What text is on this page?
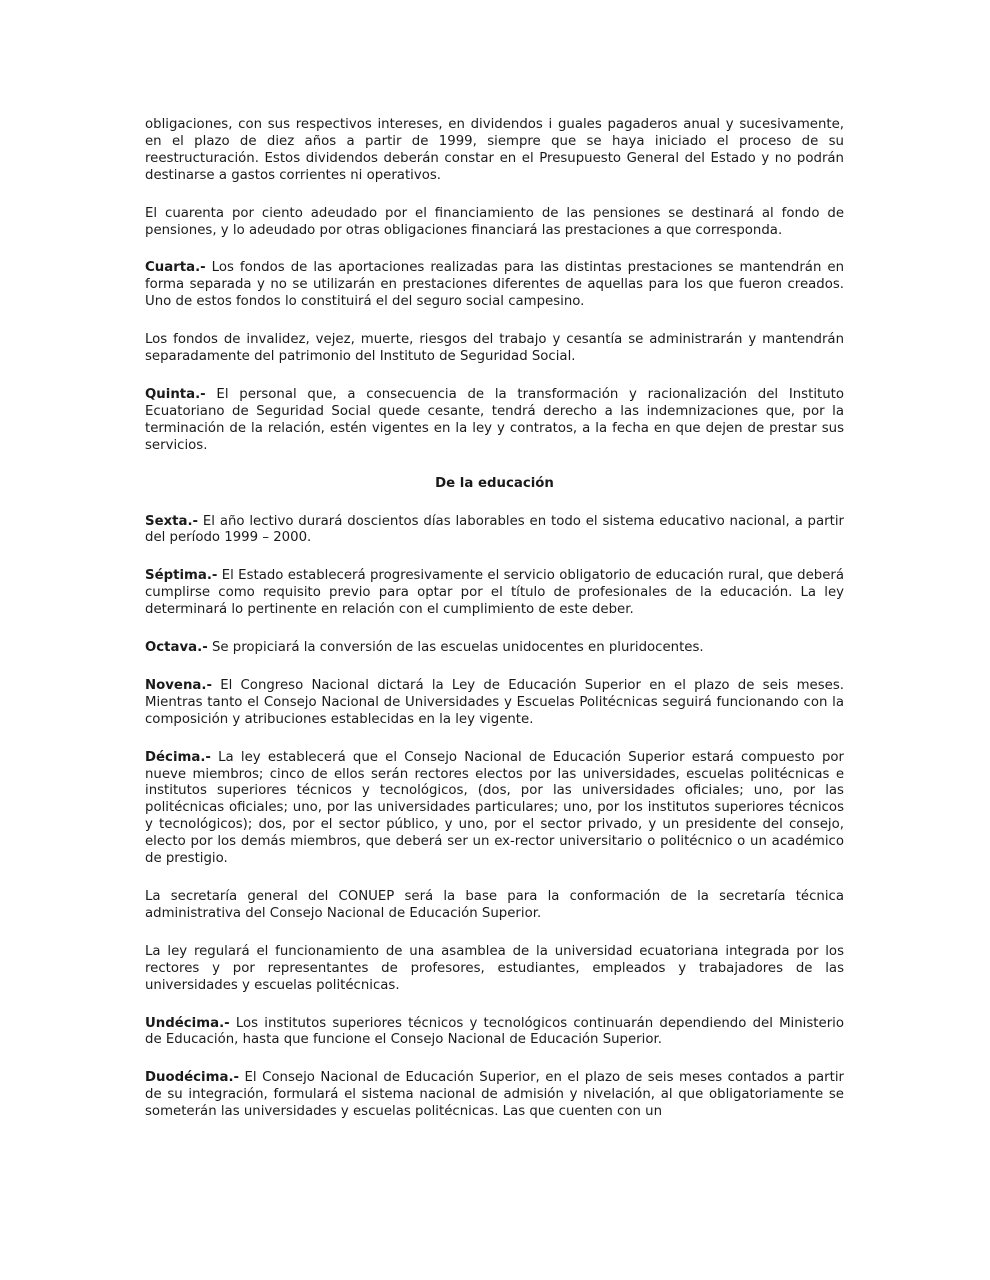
obligaciones, con sus respectivos intereses, en dividendos i guales pagaderos anual y sucesivamente, en el plazo de diez años a partir de 1999, siempre que se haya iniciado el proceso de su reestructuración. Estos dividendos deberán constar en el Presupuesto General del Estado y no podrán destinarse a gastos corrientes ni operativos.

El cuarenta por ciento adeudado por el financiamiento de las pensiones se destinará al fondo de pensiones, y lo adeudado por otras obligaciones financiará las prestaciones a que corresponda.

Cuarta.- Los fondos de las aportaciones realizadas para las distintas prestaciones se mantendrán en forma separada y no se utilizarán en prestaciones diferentes de aquellas para los que fueron creados. Uno de estos fondos lo constituirá el del seguro social campesino.

Los fondos de invalidez, vejez, muerte, riesgos del trabajo y cesantía se administrarán y mantendrán separadamente del patrimonio del Instituto de Seguridad Social.

Quinta.- El personal que, a consecuencia de la transformación y racionalización del Instituto Ecuatoriano de Seguridad Social quede cesante, tendrá derecho a las indemnizaciones que, por la terminación de la relación, estén vigentes en la ley y contratos, a la fecha en que dejen de prestar sus servicios.

De la educación

Sexta.- El año lectivo durará doscientos días laborables en todo el sistema educativo nacional, a partir del período 1999 – 2000.

Séptima.- El Estado establecerá progresivamente el servicio obligatorio de educación rural, que deberá cumplirse como requisito previo para optar por el título de profesionales de la educación. La ley determinará lo pertinente en relación con el cumplimiento de este deber.

Octava.- Se propiciará la conversión de las escuelas unidocentes en pluridocentes.

Novena.- El Congreso Nacional dictará la Ley de Educación Superior en el plazo de seis meses. Mientras tanto el Consejo Nacional de Universidades y Escuelas Politécnicas seguirá funcionando con la composición y atribuciones establecidas en la ley vigente.

Décima.- La ley establecerá que el Consejo Nacional de Educación Superior estará compuesto por nueve miembros; cinco de ellos serán rectores electos por las universidades, escuelas politécnicas e institutos superiores técnicos y tecnológicos, (dos, por las universidades oficiales; uno, por las politécnicas oficiales; uno, por las universidades particulares; uno, por los institutos superiores técnicos y tecnológicos); dos, por el sector público, y uno, por el sector privado, y un presidente del consejo, electo por los demás miembros, que deberá ser un ex-rector universitario o politécnico o un académico de prestigio.

La secretaría general del CONUEP será la base para la conformación de la secretaría técnica administrativa del Consejo Nacional de Educación Superior.

La ley regulará el funcionamiento de una asamblea de la universidad ecuatoriana integrada por los rectores y por representantes de profesores, estudiantes, empleados y trabajadores de las universidades y escuelas politécnicas.

Undécima.- Los institutos superiores técnicos y tecnológicos continuarán dependiendo del Ministerio de Educación, hasta que funcione el Consejo Nacional de Educación Superior.

Duodécima.- El Consejo Nacional de Educación Superior, en el plazo de seis meses contados a partir de su integración, formulará el sistema nacional de admisión y nivelación, al que obligatoriamente se someterán las universidades y escuelas politécnicas. Las que cuenten con un
